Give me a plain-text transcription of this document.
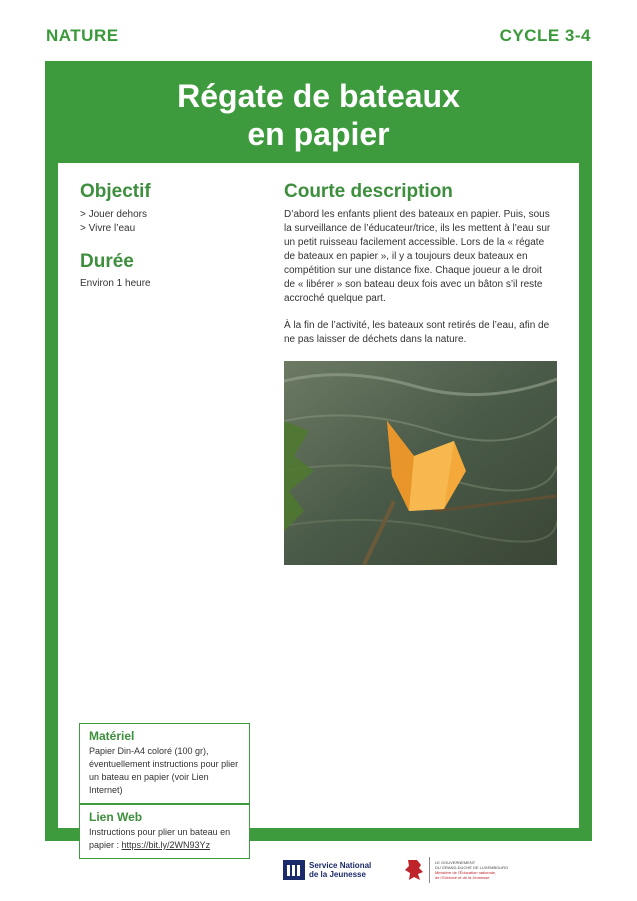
NATURE	CYCLE 3-4
Régate de bateaux
en papier
Objectif
> Jouer dehors
> Vivre l’eau
Durée
Environ 1 heure
Courte description

D’abord les enfants plient des bateaux en papier. Puis, sous la surveillance de l’éducateur/trice, ils les mettent à l’eau sur un petit ruisseau facilement accessible. Lors de la « régate de bateaux en papier », il y a toujours deux bateaux en compétition sur une distance fixe. Chaque joueur a le droit de « libérer » son bateau deux fois avec un bâton s’il reste accroché quelque part.

À la fin de l’activité, les bateaux sont retirés de l’eau, afin de ne pas laisser de déchets dans la nature.

Matériel
Papier Din-A4 coloré (100 gr), éventuellement instructions pour plier un bateau en papier (voir Lien Internet)
Lien Web
Instructions pour plier un bateau en papier : https://bit.ly/2WN93Yz
Service National
de la Jeunesse
LE GOUVERNEMENT
DU GRAND-DUCHÉ DE LUXEMBOURG
Ministère de l’Éducation nationale,
de l’Enfance et de la Jeunesse
